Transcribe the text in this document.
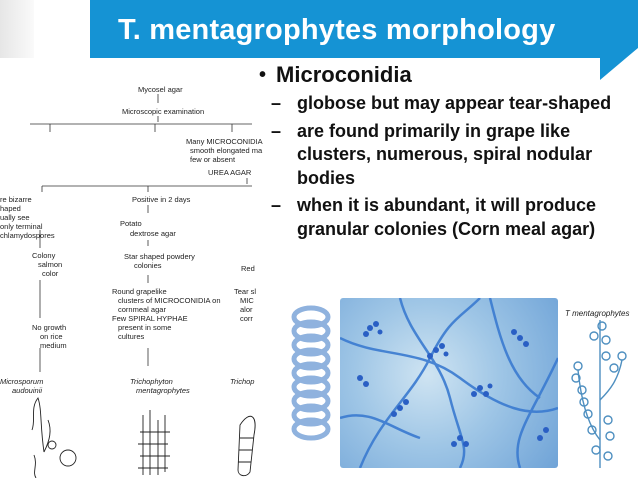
T. mentagrophytes morphology
• Microconidia
– globose but may appear tear-shaped
– are found primarily in grape like clusters, numerous, spiral nodular bodies
– when it is abundant, it will produce granular colonies (Corn meal agar)
Mycosel agar
Microscopic examination
Many MICROCONIDIA
smooth elongated ma
few or absent
UREA AGAR
re bizarre
haped
ually see
only terminal
chlamydospores
Positive in 2 days
Potato
dextrose agar
Colony
salmon
color
Star shaped powdery
colonies	Red
Round grapelike
clusters of MICROCONIDIA on
cornmeal agar
Few SPIRAL HYPHAE
present in some
cultures
Tear sl
MIC
alor
corr
No growth
on rice
medium
Microsporum
audouinii
Trichophyton
mentagrophytes
Trichop
T mentagrophytes
